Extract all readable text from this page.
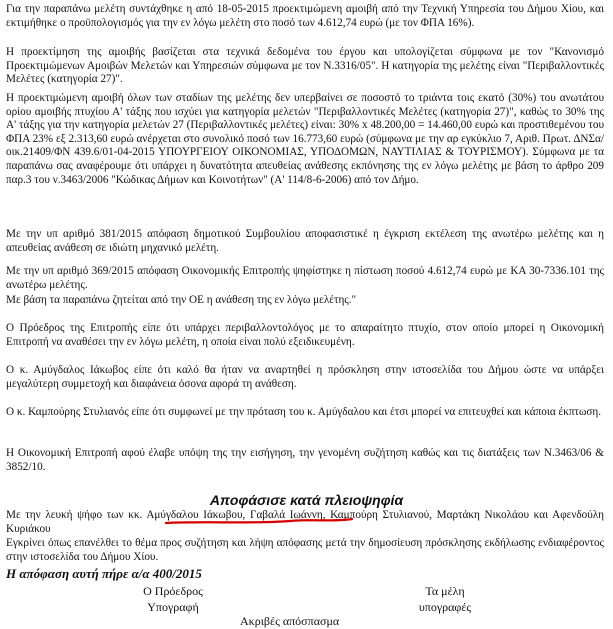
Για την παραπάνω μελέτη συντάχθηκε η από 18-05-2015 προεκτιμώμενη αμοιβή από την Τεχνική Υπηρεσία του Δήμου Χίου, και εκτιμήθηκε ο προϋπολογισμός για την εν λόγω μελέτη στο ποσό των 4.612,74 ευρώ (με τον ΦΠΑ 16%).

Η προεκτίμηση της αμοιβής βασίζεται στα τεχνικά δεδομένα του έργου και υπολογίζεται σύμφωνα με τον "Κανονισμό Προεκτιμώμενων Αμοιβών Μελετών και Υπηρεσιών σύμφωνα με τον Ν.3316/05". Η κατηγορία της μελέτης είναι "Περιβαλλοντικές Μελέτες (κατηγορία 27)".

Η προεκτιμώμενη αμοιβή όλων των σταδίων της μελέτης δεν υπερβαίνει σε ποσοστό το τριάντα τοις εκατό (30%) του ανωτάτου ορίου αμοιβής πτυχίου Α' τάξης που ισχύει για κατηγορία μελετών "Περιβαλλοντικές Μελέτες (κατηγορία 27)", καθώς το 30% της Α' τάξης για την κατηγορία μελετών 27 (Περιβαλλοντικές μελέτες) είναι: 30% x 48.200,00 = 14.460,00 ευρώ και προστιθεμένου του ΦΠΑ 23% εξ 2.313,60 ευρώ ανέρχεται στο συνολικό ποσό των 16.773,60 ευρώ (σύμφωνα με την αρ εγκύκλιο 7, Αριθ. Πρωτ. ΔΝΣα/οικ.21409/ΦΝ 439.6/01-04-2015 ΥΠΟΥΡΓΕΙΟΥ ΟΙΚΟΝΟΜΙΑΣ, ΥΠΟΔΟΜΩΝ, ΝΑΥΤΙΛΙΑΣ & ΤΟΥΡΙΣΜΟΥ). Σύμφωνα με τα παραπάνω σας αναφέρουμε ότι υπάρχει η δυνατότητα απευθείας ανάθεσης εκπόνησης της εν λόγω μελέτης με βάση το άρθρο 209 παρ.3 του ν.3463/2006 "Κώδικας Δήμων και Κοινοτήτων" (Α' 114/8-6-2006) από τον Δήμο.

Με την υπ αριθμό 381/2015 απόφαση δημοτικού Συμβουλίου αποφασιστικέ η έγκριση εκτέλεση της ανωτέρω μελέτης και η απευθείας ανάθεση σε ιδιώτη μηχανικό μελέτη.

Με την υπ αριθμό 369/2015 απόφαση Οικονομικής Επιτροπής ψηφίστηκε η πίστωση ποσού 4.612,74 ευρώ με ΚΑ 30-7336.101 της ανωτέρω μελέτης.

Με βάση τα παραπάνω ζητείται από την ΟΕ η ανάθεση της εν λόγω μελέτης."

Ο Πρόεδρος της Επιτροπής είπε ότι υπάρχει περιβαλλοντολόγος με το απαραίτητο πτυχίο, στον οποίο μπορεί η Οικονομική Επιτροπή να αναθέσει την εν λόγω μελέτη, η οποία είναι πολύ εξειδικευμένη.

Ο κ. Αμύγδαλος Ιάκωβος είπε ότι καλό θα ήταν να αναρτηθεί η πρόσκληση στην ιστοσελίδα του Δήμου ώστε να υπάρξει μεγαλύτερη συμμετοχή και διαφάνεια όσονα αφορά τη ανάθεση.

Ο κ. Καμπούρης Στυλιανός είπε ότι συμφωνεί με την πρόταση του κ. Αμύγδαλου και έτσι μπορεί να επιτευχθεί και κάποια έκπτωση.

Η Οικονομική Επιτροπή αφού έλαβε υπόψη της την εισήγηση, την γενομένη συζήτηση καθώς και τις διατάξεις των Ν.3463/06 & 3852/10.

Αποφάσισε κατά πλειοψηφία

Με την λευκή ψήφο των κκ. Αμύγδαλου Ιάκωβου, Γαβαλά Ιωάννη, Καμπούρη Στυλιανού, Μαρτάκη Νικολάου και Αφενδούλη Κυριάκου

Εγκρίνει όπως επανέλθει το θέμα προς συζήτηση και λήψη απόφασης μετά την δημοσίευση πρόσκλησης εκδήλωσης ενδιαφέροντος στην ιστοσελίδα του Δήμου Χίου.

Η απόφαση αυτή πήρε α/α 400/2015

Ο Πρόεδρος

Υπογραφή

Τα μέλη

υπογραφές

Ακριβές απόσπασμα
